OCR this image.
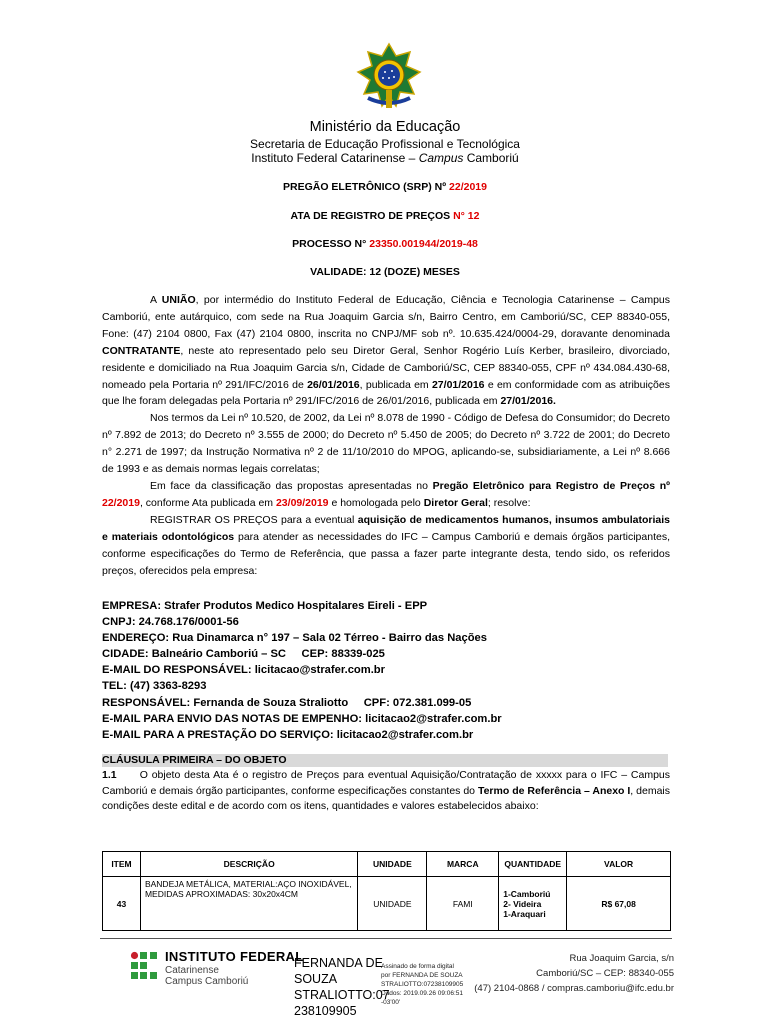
Ministério da Educação
Secretaria de Educação Profissional e Tecnológica
Instituto Federal Catarinense – Campus Camboriú
PREGÃO ELETRÔNICO (SRP) Nº 22/2019
ATA DE REGISTRO DE PREÇOS N° 12
PROCESSO N° 23350.001944/2019-48
VALIDADE: 12 (DOZE) MESES

A UNIÃO, por intermédio do Instituto Federal de Educação, Ciência e Tecnologia Catarinense – Campus Camboriú, ente autárquico, com sede na Rua Joaquim Garcia s/n, Bairro Centro, em Camboriú/SC, CEP 88340-055, Fone: (47) 2104 0800, Fax (47) 2104 0800, inscrita no CNPJ/MF sob nº. 10.635.424/0004-29, doravante denominada CONTRATANTE, neste ato representado pelo seu Diretor Geral, Senhor Rogério Luís Kerber, brasileiro, divorciado, residente e domiciliado na Rua Joaquim Garcia s/n, Cidade de Camboriú/SC, CEP 88340-055, CPF nº 434.084.430-68, nomeado pela Portaria nº 291/IFC/2016 de 26/01/2016, publicada em 27/01/2016 e em conformidade com as atribuições que lhe foram delegadas pela Portaria nº 291/IFC/2016 de 26/01/2016, publicada em 27/01/2016.

Nos termos da Lei nº 10.520, de 2002, da Lei nº 8.078 de 1990 - Código de Defesa do Consumidor; do Decreto nº 7.892 de 2013; do Decreto nº 3.555 de 2000; do Decreto nº 5.450 de 2005; do Decreto nº 3.722 de 2001; do Decreto n° 2.271 de 1997; da Instrução Normativa nº 2 de 11/10/2010 do MPOG, aplicando-se, subsidiariamente, a Lei nº 8.666 de 1993 e as demais normas legais correlatas;

Em face da classificação das propostas apresentadas no Pregão Eletrônico para Registro de Preços nº 22/2019, conforme Ata publicada em 23/09/2019 e homologada pelo Diretor Geral; resolve:

REGISTRAR OS PREÇOS para a eventual aquisição de medicamentos humanos, insumos ambulatoriais e materiais odontológicos para atender as necessidades do IFC – Campus Camboriú e demais órgãos participantes, conforme especificações do Termo de Referência, que passa a fazer parte integrante desta, tendo sido, os referidos preços, oferecidos pela empresa:

EMPRESA: Strafer Produtos Medico Hospitalares Eireli - EPP
CNPJ: 24.768.176/0001-56
ENDEREÇO: Rua Dinamarca n° 197 – Sala 02 Térreo - Bairro das Nações
CIDADE: Balneário Camboriú – SC     CEP: 88339-025
E-MAIL DO RESPONSÁVEL: licitacao@strafer.com.br
TEL: (47) 3363-8293
RESPONSÁVEL: Fernanda de Souza Straliotto     CPF: 072.381.099-05
E-MAIL PARA ENVIO DAS NOTAS DE EMPENHO: licitacao2@strafer.com.br
E-MAIL PARA A PRESTAÇÃO DO SERVIÇO: licitacao2@strafer.com.br
CLÁUSULA PRIMEIRA – DO OBJETO
1.1 O objeto desta Ata é o registro de Preços para eventual Aquisição/Contratação de xxxxx para o IFC – Campus Camboriú e demais órgão participantes, conforme especificações constantes do Termo de Referência – Anexo I, demais condições deste edital e de acordo com os itens, quantidades e valores estabelecidos abaixo:
ITEM	DESCRIÇÃO	UNIDADE	MARCA	QUANTIDADE	VALOR
43	BANDEJA METÁLICA, MATERIAL:AÇO INOXIDÁVEL, MEDIDAS APROXIMADAS: 30x20x4CM	UNIDADE	FAMI	1-Camboriú
2- Videira
1-Araquari	R$ 67,08
INSTITUTO FEDERAL
Catarinense
Campus Camboriú
FERNANDA DE
SOUZA
STRALIOTTO:07
238109905
Assinado de forma digital
por FERNANDA DE SOUZA
STRALIOTTO:07238109905
Dados: 2019.09.26 09:06:51
-03'00'
Rua Joaquim Garcia, s/n
Camboriú/SC – CEP: 88340-055
(47) 2104-0868 / compras.camboriu@ifc.edu.br
